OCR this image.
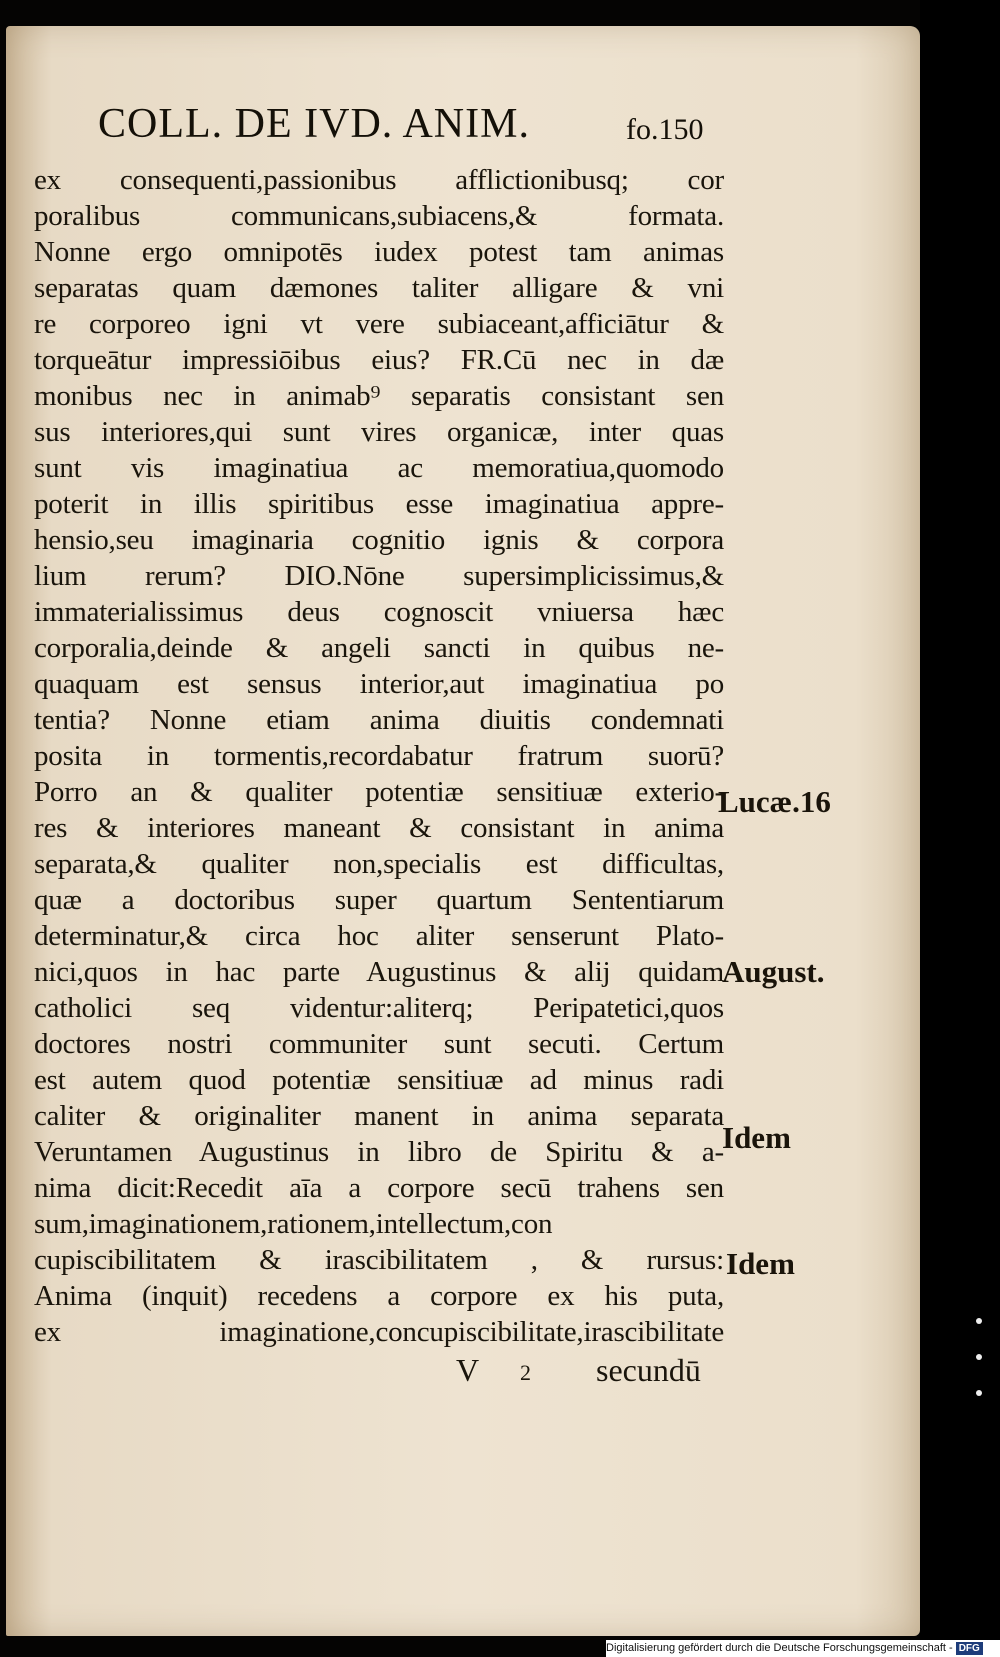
COLL. DE IVD. ANIM.	fo.150
ex consequenti,passionibus afflictionibusq; cor
poralibus communicans,subiacens,& formata.
Nonne ergo omnipotēs iudex potest tam animas
separatas quam dæmones taliter alligare & vni
re corporeo igni vt vere subiaceant,afficiātur &
torqueātur impressiōibus eius? FR.Cū nec in dæ
monibus nec in animab⁹ separatis consistant sen
sus interiores,qui sunt vires organicæ, inter quas
sunt vis imaginatiua ac memoratiua,quomodo
poterit in illis spiritibus esse imaginatiua appre-
hensio,seu imaginaria cognitio ignis & corpora
lium rerum? DIO.Nōne supersimplicissimus,&
immaterialissimus deus cognoscit vniuersa hæc
corporalia,deinde & angeli sancti in quibus ne-
quaquam est sensus interior,aut imaginatiua po
tentia? Nonne etiam anima diuitis condemnati
posita in tormentis,recordabatur fratrum suorū?
Porro an & qualiter potentiæ sensitiuæ exterio-
res & interiores maneant & consistant in anima
separata,& qualiter non,specialis est difficultas,
quæ a doctoribus super quartum Sententiarum
determinatur,& circa hoc aliter senserunt Plato-
nici,quos in hac parte Augustinus & alij quidam
catholici seq videntur:aliterq; Peripatetici,quos
doctores nostri communiter sunt secuti. Certum
est autem quod potentiæ sensitiuæ ad minus radi
caliter & originaliter manent in anima separata
Veruntamen Augustinus in libro de Spiritu & a-
nima dicit:Recedit aīa a corpore secū trahens sen
sum,imaginationem,rationem,intellectum,con
cupiscibilitatem & irascibilitatem , & rursus:
Anima (inquit) recedens a corpore ex his puta,
ex imaginatione,concupiscibilitate,irascibilitate
Lucæ.16
August.
Idem
Idem
V 2 secundū
Digitalisierung gefördert durch die Deutsche Forschungsgemeinschaft - DFG
